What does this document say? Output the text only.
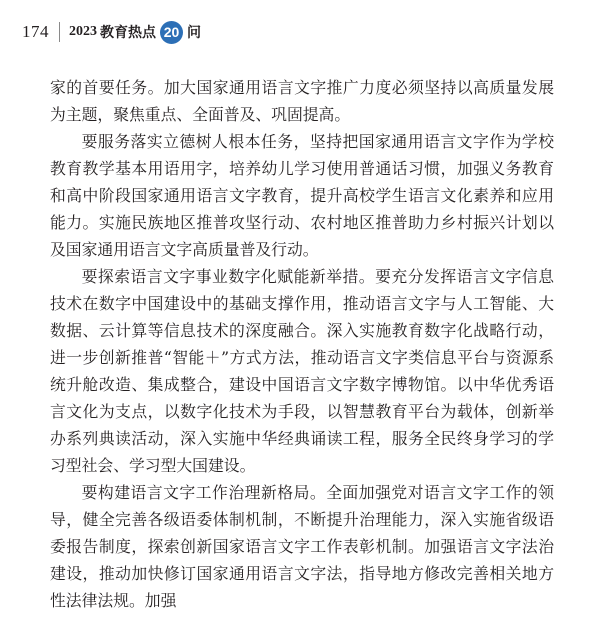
174 2023 教育热点 20 问

家的首要任务。加大国家通用语言文字推广力度必须坚持以高质量发展为主题，聚焦重点、全面普及、巩固提高。

要服务落实立德树人根本任务，坚持把国家通用语言文字作为学校教育教学基本用语用字，培养幼儿学习使用普通话习惯，加强义务教育和高中阶段国家通用语言文字教育，提升高校学生语言文化素养和应用能力。实施民族地区推普攻坚行动、农村地区推普助力乡村振兴计划以及国家通用语言文字高质量普及行动。

要探索语言文字事业数字化赋能新举措。要充分发挥语言文字信息技术在数字中国建设中的基础支撑作用，推动语言文字与人工智能、大数据、云计算等信息技术的深度融合。深入实施教育数字化战略行动，进一步创新推普“智能＋”方式方法，推动语言文字类信息平台与资源系统升舱改造、集成整合，建设中国语言文字数字博物馆。以中华优秀语言文化为支点，以数字化技术为手段，以智慧教育平台为载体，创新举办系列典读活动，深入实施中华经典诵读工程，服务全民终身学习的学习型社会、学习型大国建设。

要构建语言文字工作治理新格局。全面加强党对语言文字工作的领导，健全完善各级语委体制机制，不断提升治理能力，深入实施省级语委报告制度，探索创新国家语言文字工作表彰机制。加强语言文字法治建设，推动加快修订国家通用语言文字法，指导地方修改完善相关地方性法律法规。加强
